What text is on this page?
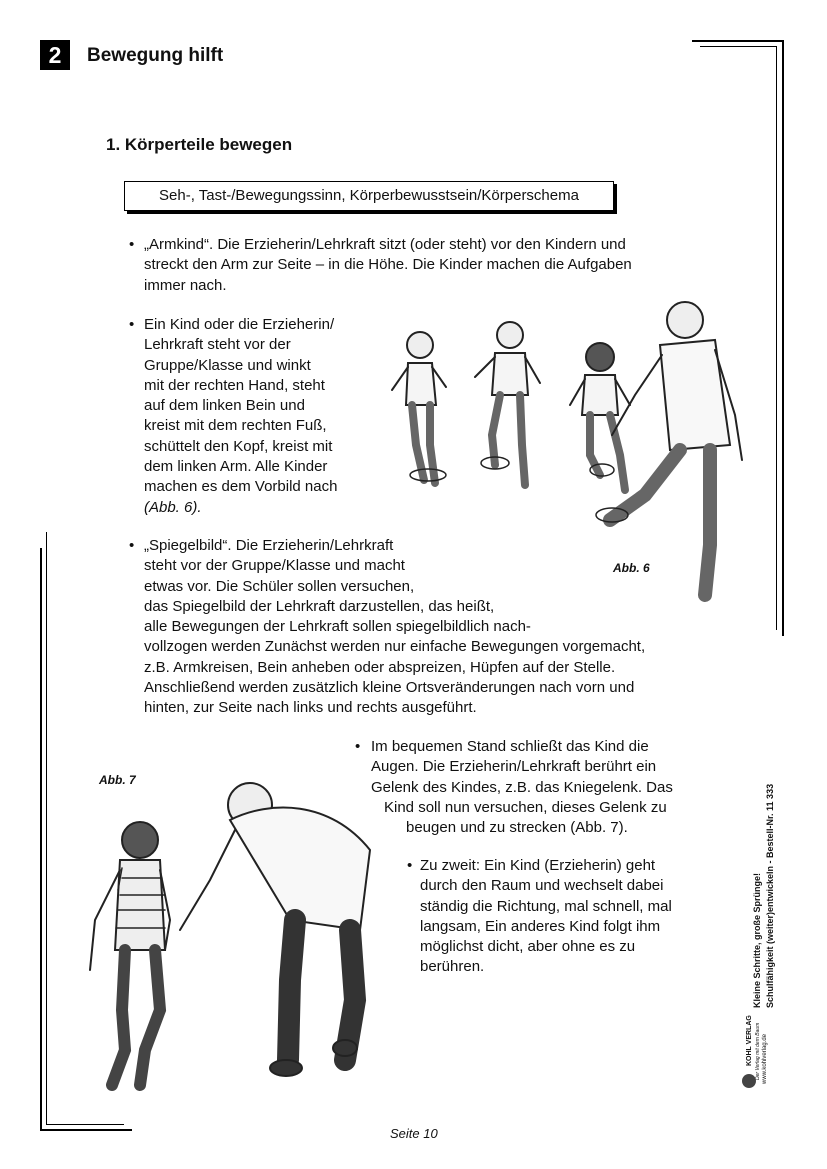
2	Bewegung hilft
1. Körperteile bewegen
Seh-, Tast-/Bewegungssinn, Körperbewusstsein/Körperschema
• „Armkind“. Die Erzieherin/Lehrkraft sitzt (oder steht) vor den Kindern und
streckt den Arm zur Seite – in die Höhe. Die Kinder machen die Aufgaben
immer nach.
• Ein Kind oder die Erzieherin/
Lehrkraft steht vor der
Gruppe/Klasse und winkt
mit der rechten Hand, steht
auf dem linken Bein und
kreist mit dem rechten Fuß,
schüttelt den Kopf, kreist mit
dem linken Arm. Alle Kinder
machen es dem Vorbild nach
(Abb. 6).
Abb. 6
• „Spiegelbild“. Die Erzieherin/Lehrkraft
steht vor der Gruppe/Klasse und macht
etwas vor. Die Schüler sollen versuchen,
das Spiegelbild der Lehrkraft darzustellen, das heißt,
alle Bewegungen der Lehrkraft sollen spiegelbildlich nach-
vollzogen werden Zunächst werden nur einfache Bewegungen vorgemacht,
z.B. Armkreisen, Bein anheben oder abspreizen, Hüpfen auf der Stelle.
Anschließend werden zusätzlich kleine Ortsveränderungen nach vorn und
hinten, zur Seite nach links und rechts ausgeführt.
Abb. 7
• Im bequemen Stand schließt das Kind die
Augen. Die Erzieherin/Lehrkraft berührt ein
Gelenk des Kindes, z.B. das Kniegelenk. Das
Kind soll nun versuchen, dieses Gelenk zu
beugen und zu strecken (Abb. 7).
• Zu zweit: Ein Kind (Erzieherin) geht
durch den Raum und wechselt dabei
ständig die Richtung, mal schnell, mal
langsam, Ein anderes Kind folgt ihm
möglichst dicht, aber ohne es zu
berühren.	Kleine Schritte, große Sprünge! Schulfähigkeit (weiter)entwickeln - Bestell-Nr. 11 333
KOHL VERLAG Der Verlag mit dem Baum www.kohlverlag.de
Seite 10
